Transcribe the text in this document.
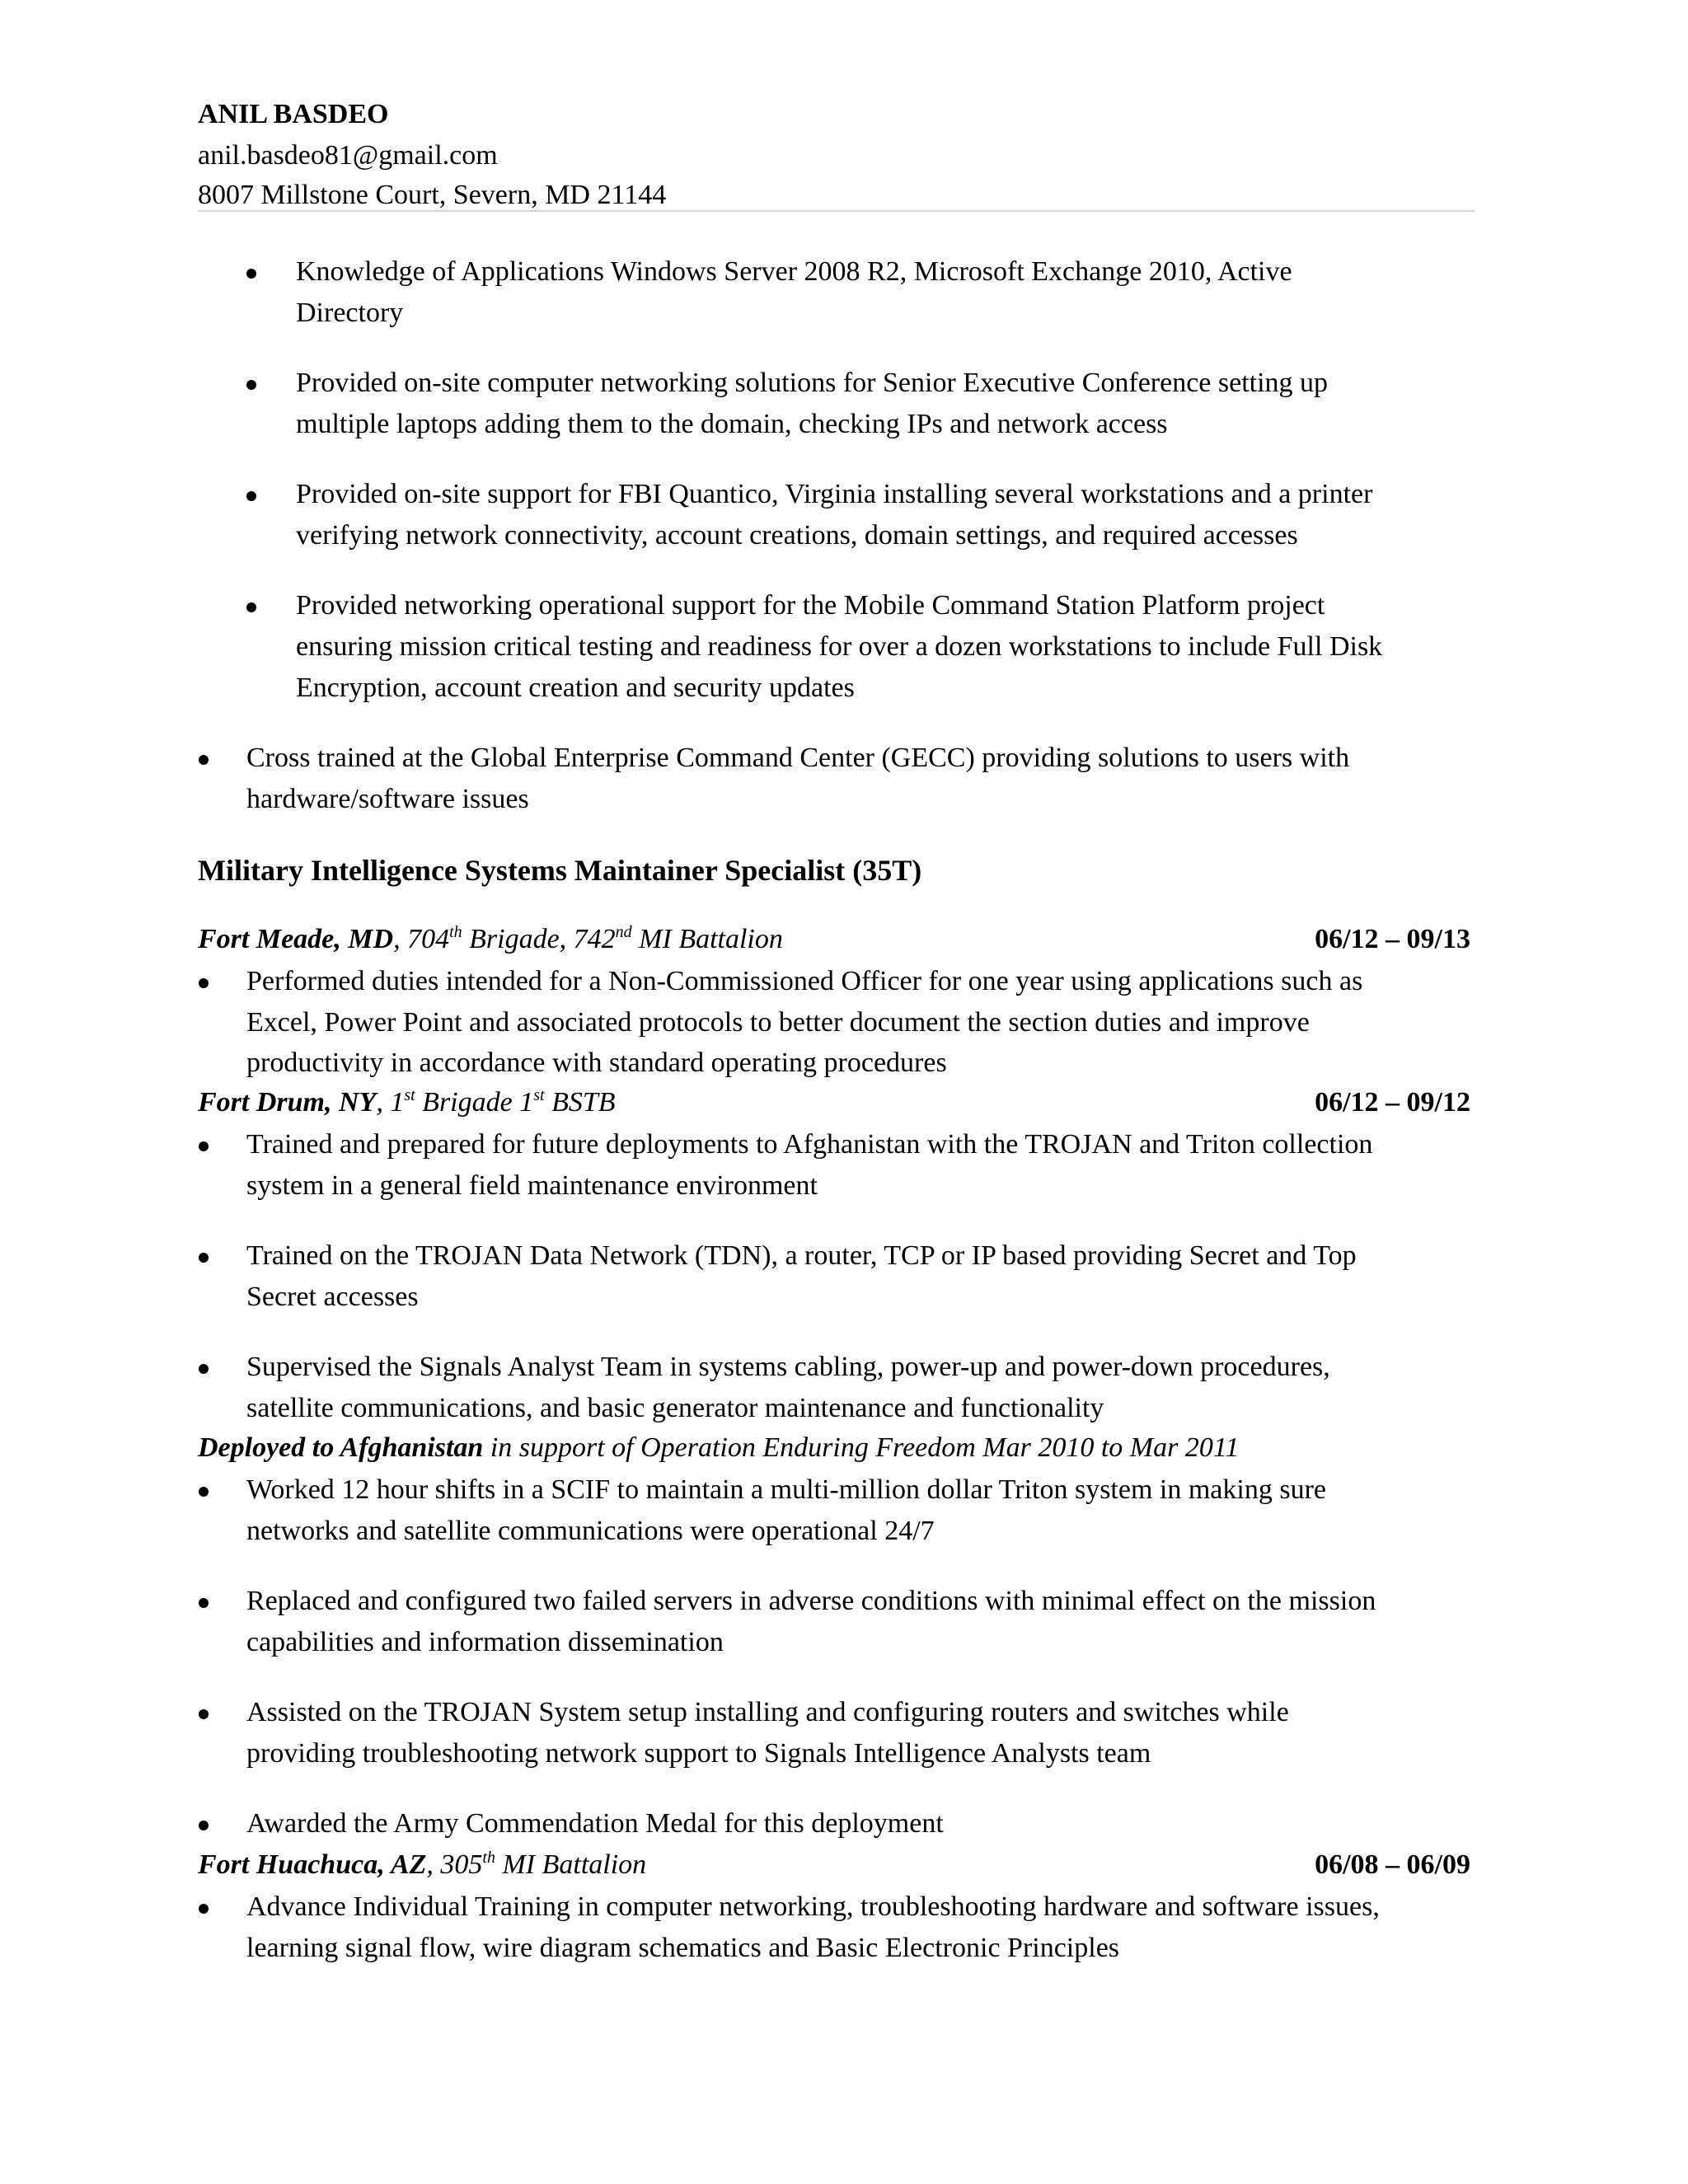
ANIL BASDEO
anil.basdeo81@gmail.com
8007 Millstone Court, Severn, MD 21144
Knowledge of Applications Windows Server 2008 R2, Microsoft Exchange 2010, Active
Directory
Provided on-site computer networking solutions for Senior Executive Conference setting up
multiple laptops adding them to the domain, checking IPs and network access
Provided on-site support for FBI Quantico, Virginia installing several workstations and a printer
verifying network connectivity, account creations, domain settings, and required accesses
Provided networking operational support for the Mobile Command Station Platform project
ensuring mission critical testing and readiness for over a dozen workstations to include Full Disk
Encryption, account creation and security updates
Cross trained at the Global Enterprise Command Center (GECC) providing solutions to users with
hardware/software issues
Military Intelligence Systems Maintainer Specialist (35T)
Fort Meade, MD, 704th Brigade, 742nd MI Battalion	06/12 – 09/13
Performed duties intended for a Non-Commissioned Officer for one year using applications such as
Excel, Power Point and associated protocols to better document the section duties and improve
productivity in accordance with standard operating procedures
Fort Drum, NY, 1st Brigade 1st BSTB	06/12 – 09/12
Trained and prepared for future deployments to Afghanistan with the TROJAN and Triton collection
system in a general field maintenance environment
Trained on the TROJAN Data Network (TDN), a router, TCP or IP based providing Secret and Top
Secret accesses
Supervised the Signals Analyst Team in systems cabling, power-up and power-down procedures,
satellite communications, and basic generator maintenance and functionality
Deployed to Afghanistan in support of Operation Enduring Freedom Mar 2010 to Mar 2011
Worked 12 hour shifts in a SCIF to maintain a multi-million dollar Triton system in making sure
networks and satellite communications were operational 24/7
Replaced and configured two failed servers in adverse conditions with minimal effect on the mission
capabilities and information dissemination
Assisted on the TROJAN System setup installing and configuring routers and switches while
providing troubleshooting network support to Signals Intelligence Analysts team
Awarded the Army Commendation Medal for this deployment
Fort Huachuca, AZ, 305th MI Battalion	06/08 – 06/09
Advance Individual Training in computer networking, troubleshooting hardware and software issues,
learning signal flow, wire diagram schematics and Basic Electronic Principles
